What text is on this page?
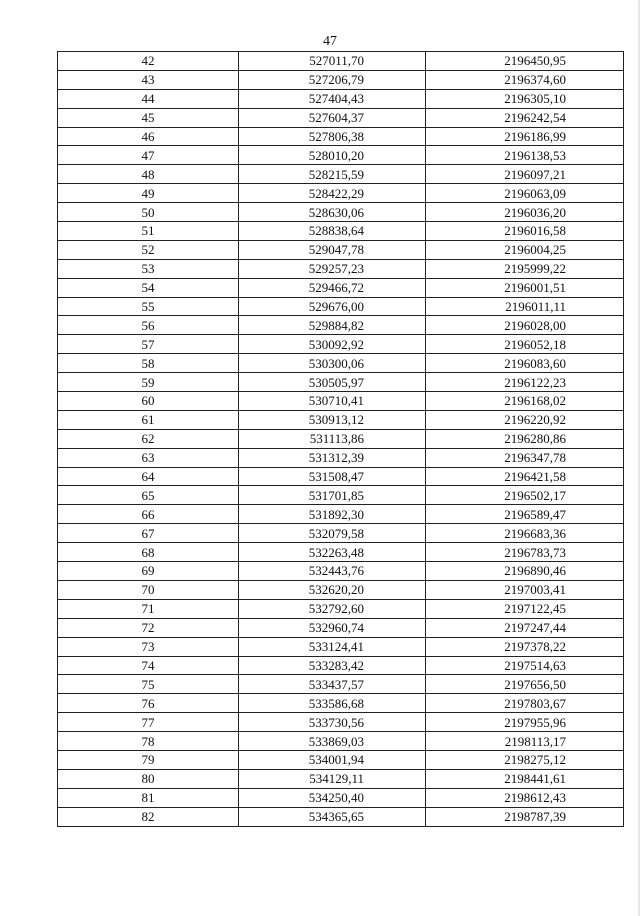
47
42	527011,70	2196450,95
43	527206,79	2196374,60
44	527404,43	2196305,10
45	527604,37	2196242,54
46	527806,38	2196186,99
47	528010,20	2196138,53
48	528215,59	2196097,21
49	528422,29	2196063,09
50	528630,06	2196036,20
51	528838,64	2196016,58
52	529047,78	2196004,25
53	529257,23	2195999,22
54	529466,72	2196001,51
55	529676,00	2196011,11
56	529884,82	2196028,00
57	530092,92	2196052,18
58	530300,06	2196083,60
59	530505,97	2196122,23
60	530710,41	2196168,02
61	530913,12	2196220,92
62	531113,86	2196280,86
63	531312,39	2196347,78
64	531508,47	2196421,58
65	531701,85	2196502,17
66	531892,30	2196589,47
67	532079,58	2196683,36
68	532263,48	2196783,73
69	532443,76	2196890,46
70	532620,20	2197003,41
71	532792,60	2197122,45
72	532960,74	2197247,44
73	533124,41	2197378,22
74	533283,42	2197514,63
75	533437,57	2197656,50
76	533586,68	2197803,67
77	533730,56	2197955,96
78	533869,03	2198113,17
79	534001,94	2198275,12
80	534129,11	2198441,61
81	534250,40	2198612,43
82	534365,65	2198787,39
